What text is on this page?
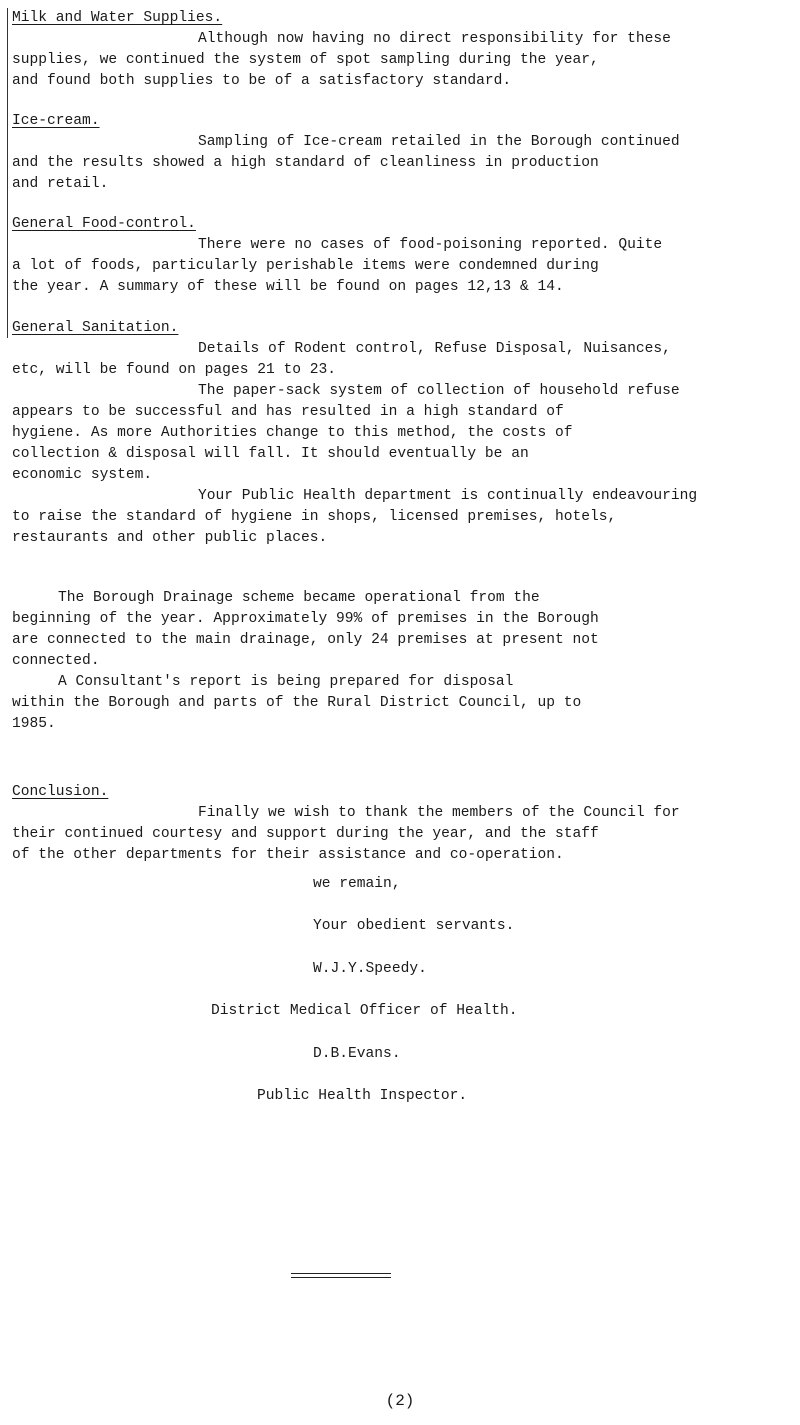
Milk and Water Supplies.

Although now having no direct responsibility for these

supplies, we continued the system of spot sampling during the year,

and found both supplies to be of a satisfactory standard.

Ice-cream.

Sampling of Ice-cream retailed in the Borough continued

and the results showed a high standard of cleanliness in production

and retail.

General Food-control.

There were no cases of food-poisoning reported. Quite

a lot of foods, particularly perishable items were condemned during

the year. A summary of these will be found on pages 12,13 & 14.

General Sanitation.

Details of Rodent control, Refuse Disposal, Nuisances,

etc, will be found on pages 21 to 23.

The paper-sack system of collection of household refuse

appears to be successful and has resulted in a high standard of

hygiene. As more Authorities change to this method, the costs of

collection & disposal will fall. It should eventually be an

economic system.

Your Public Health department is continually endeavouring

to raise the standard of hygiene in shops, licensed premises, hotels,

restaurants and other public places.

The Borough Drainage scheme became operational from the

beginning of the year. Approximately 99% of premises in the Borough

are connected to the main drainage, only 24 premises at present not

connected.

A Consultant's report is being prepared for disposal

within the Borough and parts of the Rural District Council, up to

1985.

Conclusion.

Finally we wish to thank the members of the Council for

their continued courtesy and support during the year, and the staff

of the other departments for their assistance and co-operation.

we remain,
Your obedient servants.
W.J.Y.Speedy.
District Medical Officer of Health.
D.B.Evans.
Public Health Inspector.
(2)
